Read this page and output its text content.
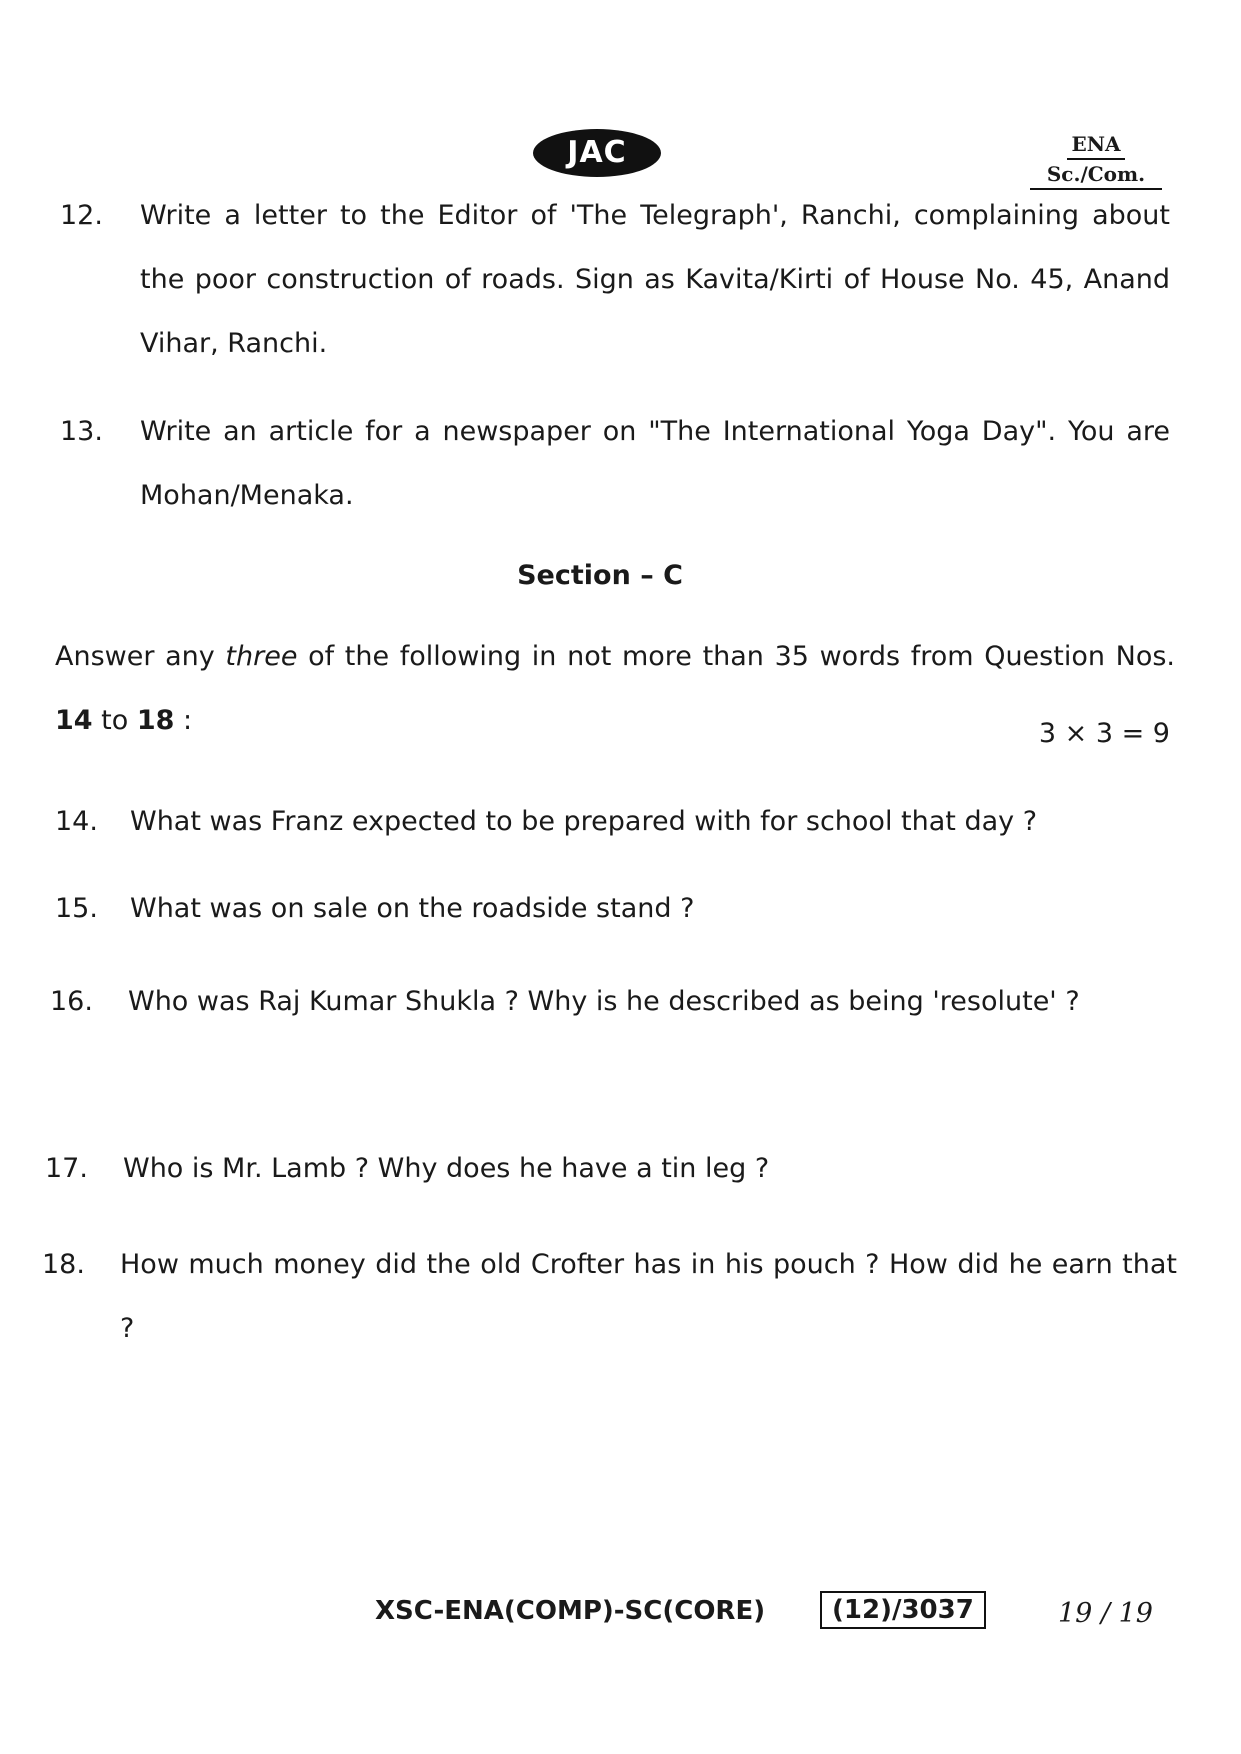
JAC	ENA
Sc./Com.
12. Write a letter to the Editor of 'The Telegraph', Ranchi, complaining about the poor construction of roads. Sign as Kavita/Kirti of House No. 45, Anand Vihar, Ranchi.
13. Write an article for a newspaper on "The International Yoga Day". You are Mohan/Menaka.
Section – C
Answer any three of the following in not more than 35 words from Question Nos. 14 to 18 :	3 × 3 = 9
14. What was Franz expected to be prepared with for school that day ?
15. What was on sale on the roadside stand ?
16. Who was Raj Kumar Shukla ? Why is he described as being 'resolute' ?
17. Who is Mr. Lamb ? Why does he have a tin leg ?
18. How much money did the old Crofter has in his pouch ? How did he earn that ?
XSC-ENA(COMP)-SC(CORE)	(12)/3037	19 / 19
